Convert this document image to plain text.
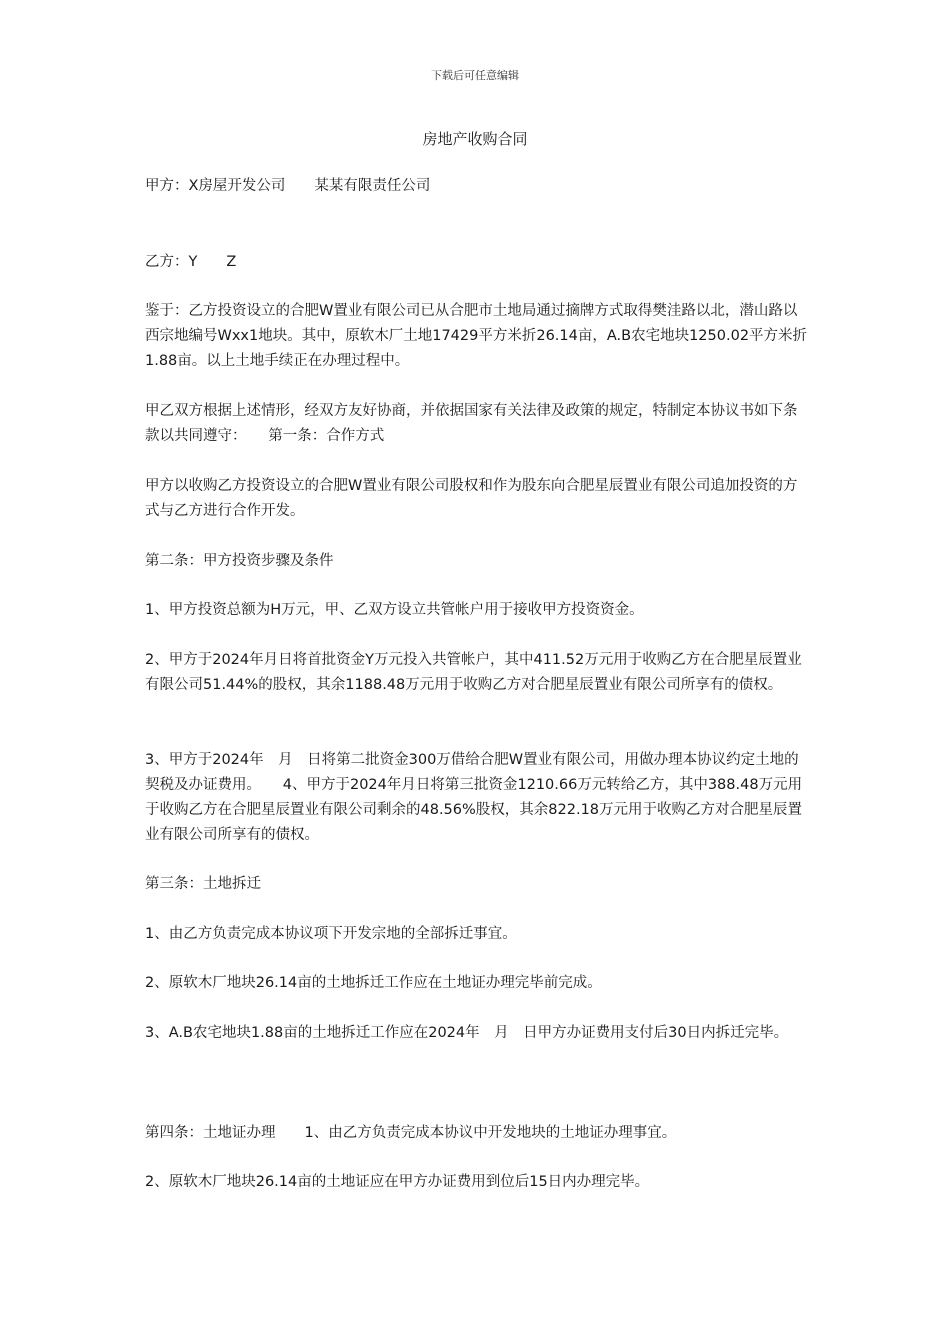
下载后可任意编辑
房地产收购合同

甲方：X房屋开发公司　　某某有限责任公司

乙方：Y　　Z

鉴于：乙方投资设立的合肥W置业有限公司已从合肥市土地局通过摘牌方式取得樊洼路以北，潜山路以西宗地编号Wxx1地块。其中，原软木厂土地17429平方米折26.14亩，A.B农宅地块1250.02平方米折1.88亩。以上土地手续正在办理过程中。

甲乙双方根据上述情形，经双方友好协商，并依据国家有关法律及政策的规定，特制定本协议书如下条款以共同遵守：　　第一条：合作方式

甲方以收购乙方投资设立的合肥W置业有限公司股权和作为股东向合肥星辰置业有限公司追加投资的方式与乙方进行合作开发。

第二条：甲方投资步骤及条件

1、甲方投资总额为H万元，甲、乙双方设立共管帐户用于接收甲方投资资金。

2、甲方于2024年月日将首批资金Y万元投入共管帐户，其中411.52万元用于收购乙方在合肥星辰置业有限公司51.44%的股权，其余1188.48万元用于收购乙方对合肥星辰置业有限公司所享有的债权。

3、甲方于2024年　月　日将第二批资金300万借给合肥W置业有限公司，用做办理本协议约定土地的契税及办证费用。　　4、甲方于2024年月日将第三批资金1210.66万元转给乙方，其中388.48万元用于收购乙方在合肥星辰置业有限公司剩余的48.56%股权，其余822.18万元用于收购乙方对合肥星辰置业有限公司所享有的债权。

第三条：土地拆迁

1、由乙方负责完成本协议项下开发宗地的全部拆迁事宜。

2、原软木厂地块26.14亩的土地拆迁工作应在土地证办理完毕前完成。

3、A.B农宅地块1.88亩的土地拆迁工作应在2024年　月　日甲方办证费用支付后30日内拆迁完毕。

第四条：土地证办理　　1、由乙方负责完成本协议中开发地块的土地证办理事宜。

2、原软木厂地块26.14亩的土地证应在甲方办证费用到位后15日内办理完毕。
